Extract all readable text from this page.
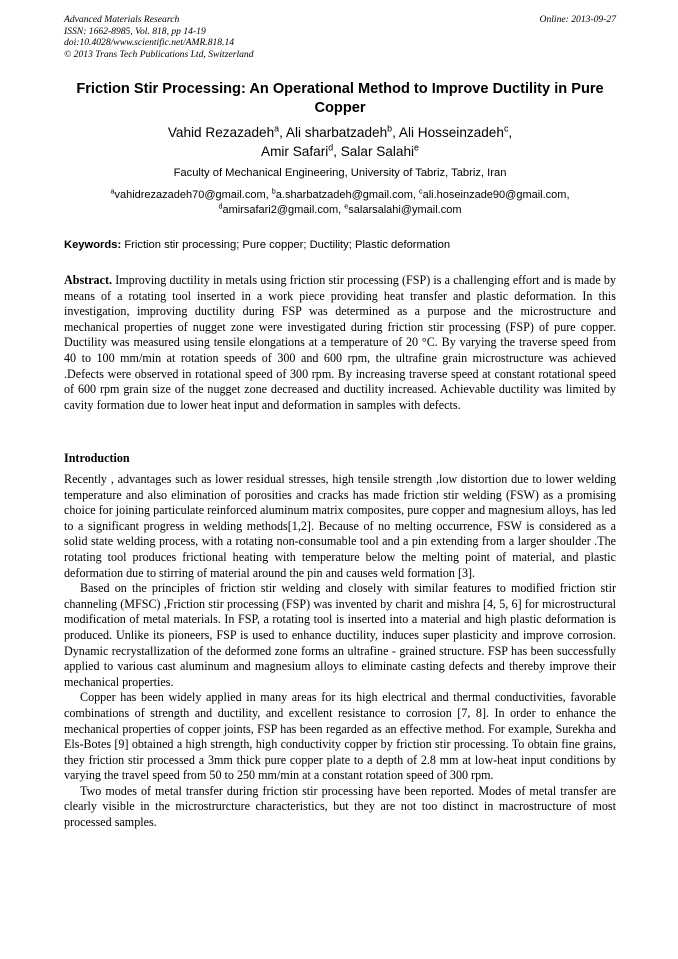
Advanced Materials Research
ISSN: 1662-8985, Vol. 818, pp 14-19
doi:10.4028/www.scientific.net/AMR.818.14
© 2013 Trans Tech Publications Ltd, Switzerland
Online: 2013-09-27
Friction Stir Processing: An Operational Method to Improve Ductility in Pure Copper
Vahid Rezazadeh$^a$, Ali sharbatzadeh$^b$, Ali Hosseinzadeh$^c$,
Amir Safari$^d$, Salar Salahi$^e$
Faculty of Mechanical Engineering, University of Tabriz, Tabriz, Iran
$^a$vahidrezazadeh70@gmail.com, $^b$a.sharbatzadeh@gmail.com, $^c$ali.hoseinzade90@gmail.com,
$^d$amirsafari2@gmail.com, $^e$salarsalahi@ymail.com
Keywords: Friction stir processing; Pure copper; Ductility; Plastic deformation
Abstract. Improving ductility in metals using friction stir processing (FSP) is a challenging effort and is made by means of a rotating tool inserted in a work piece providing heat transfer and plastic deformation. In this investigation, improving ductility during FSP was determined as a purpose and the microstructure and mechanical properties of nugget zone were investigated during friction stir processing (FSP) of pure copper. Ductility was measured using tensile elongations at a temperature of 20 °C. By varying the traverse speed from 40 to 100 mm/min at rotation speeds of 300 and 600 rpm, the ultrafine grain microstructure was achieved .Defects were observed in rotational speed of 300 rpm. By increasing traverse speed at constant rotational speed of 600 rpm grain size of the nugget zone decreased and ductility increased. Achievable ductility was limited by cavity formation due to lower heat input and deformation in samples with defects.
Introduction

Recently , advantages such as lower residual stresses, high tensile strength ,low distortion due to lower welding temperature and also elimination of porosities and cracks has made friction stir welding (FSW) as a promising choice for joining particulate reinforced aluminum matrix composites, pure copper and magnesium alloys, has led to a significant progress in welding methods[1,2]. Because of no melting occurrence, FSW is considered as a solid state welding process, with a rotating non-consumable tool and a pin extending from a larger shoulder .The rotating tool produces frictional heating with temperature below the melting point of material, and plastic deformation due to stirring of material around the pin and causes weld formation [3].

Based on the principles of friction stir welding and closely with similar features to modified friction stir channeling (MFSC) ,Friction stir processing (FSP) was invented by charit and mishra [4, 5, 6] for microstructural modification of metal materials. In FSP, a rotating tool is inserted into a material and high plastic deformation is produced. Unlike its pioneers, FSP is used to enhance ductility, induces super plasticity and improve corrosion. Dynamic recrystallization of the deformed zone forms an ultrafine - grained structure. FSP has been successfully applied to various cast aluminum and magnesium alloys to eliminate casting defects and thereby improve their mechanical properties.

Copper has been widely applied in many areas for its high electrical and thermal conductivities, favorable combinations of strength and ductility, and excellent resistance to corrosion [7, 8]. In order to enhance the mechanical properties of copper joints, FSP has been regarded as an effective method. For example, Surekha and Els-Botes [9] obtained a high strength, high conductivity copper by friction stir processing. To obtain fine grains, they friction stir processed a 3mm thick pure copper plate to a depth of 2.8 mm at low-heat input conditions by varying the travel speed from 50 to 250 mm/min at a constant rotation speed of 300 rpm.

Two modes of metal transfer during friction stir processing have been reported. Modes of metal transfer are clearly visible in the microstrurcture characteristics, but they are not too distinct in macrostructure of most processed samples.
